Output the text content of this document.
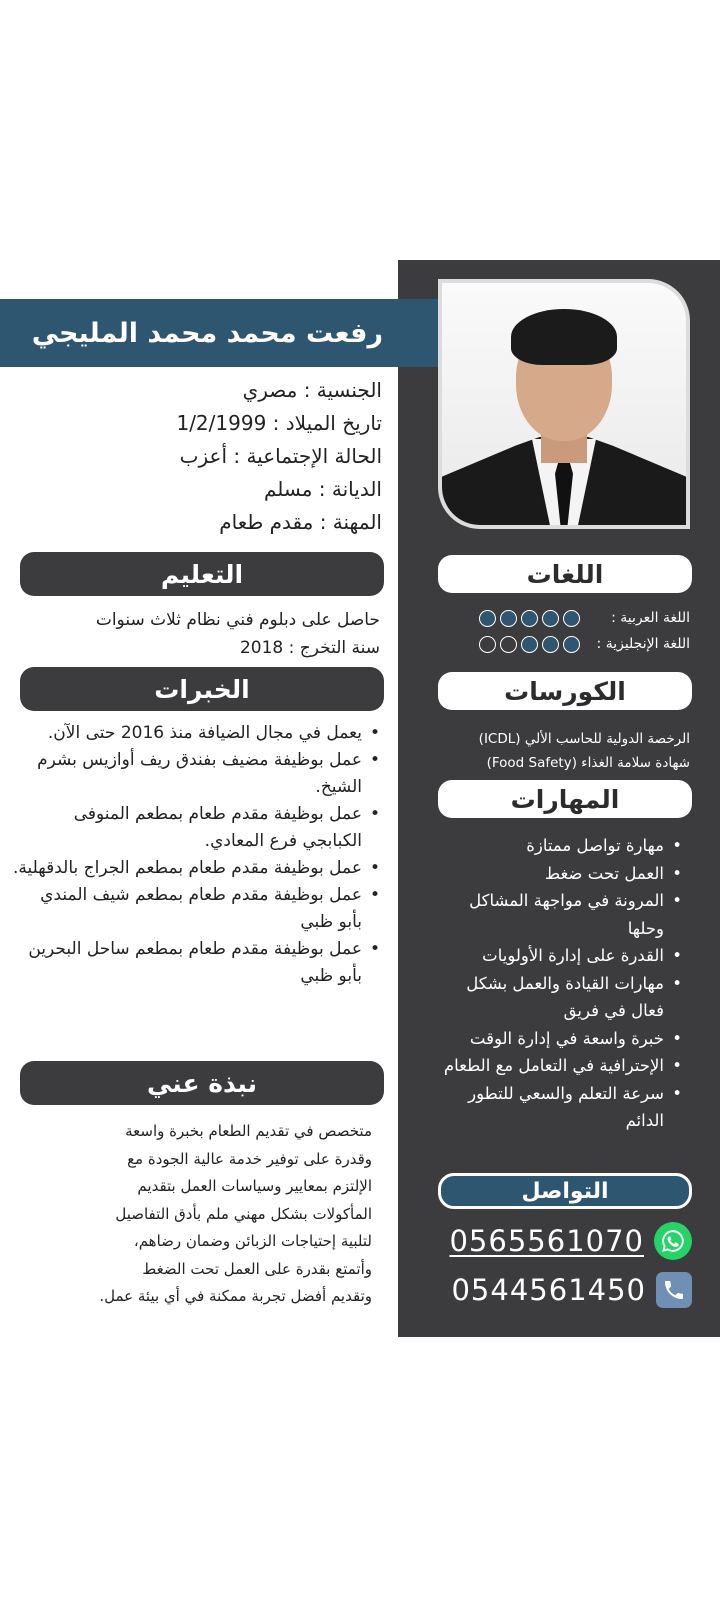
رفعت محمد محمد المليجي
الجنسية : مصري
تاريخ الميلاد : 1/2/1999
الحالة الإجتماعية : أعزب
الديانة : مسلم
المهنة : مقدم طعام
التعليم
حاصل على دبلوم فني نظام ثلاث سنوات
سنة التخرج : 2018
الخبرات
• يعمل في مجال الضيافة منذ 2016 حتى الآن.
• عمل بوظيفة مضيف بفندق ريف أوازيس بشرم الشيخ.
• عمل بوظيفة مقدم طعام بمطعم المنوفى الكبابجي فرع المعادي.
• عمل بوظيفة مقدم طعام بمطعم الجراج بالدقهلية.
• عمل بوظيفة مقدم طعام بمطعم شيف المندي بأبو ظبي
• عمل بوظيفة مقدم طعام بمطعم ساحل البحرين بأبو ظبي
نبذة عني
متخصص في تقديم الطعام بخبرة واسعة
وقدرة على توفير خدمة عالية الجودة مع
الإلتزم بمعايير وسياسات العمل بتقديم
المأكولات بشكل مهني ملم بأدق التفاصيل
لتلبية إحتياجات الزبائن وضمان رضاهم،
وأتمتع بقدرة على العمل تحت الضغط
وتقديم أفضل تجربة ممكنة في أي بيئة عمل.
اللغات
اللغة العربية :
اللغة الإنجليزية :
الكورسات
الرخصة الدولية للحاسب الألي (ICDL)
شهادة سلامة الغذاء (Food Safety)
المهارات
• مهارة تواصل ممتازة
• العمل تحت ضغط
• المرونة في مواجهة المشاكل وحلها
• القدرة على إدارة الأولويات
• مهارات القيادة والعمل بشكل فعال في فريق
• خبرة واسعة في إدارة الوقت
• الإحترافية في التعامل مع الطعام
• سرعة التعلم والسعي للتطور الدائم
التواصل
0565561070
0544561450
